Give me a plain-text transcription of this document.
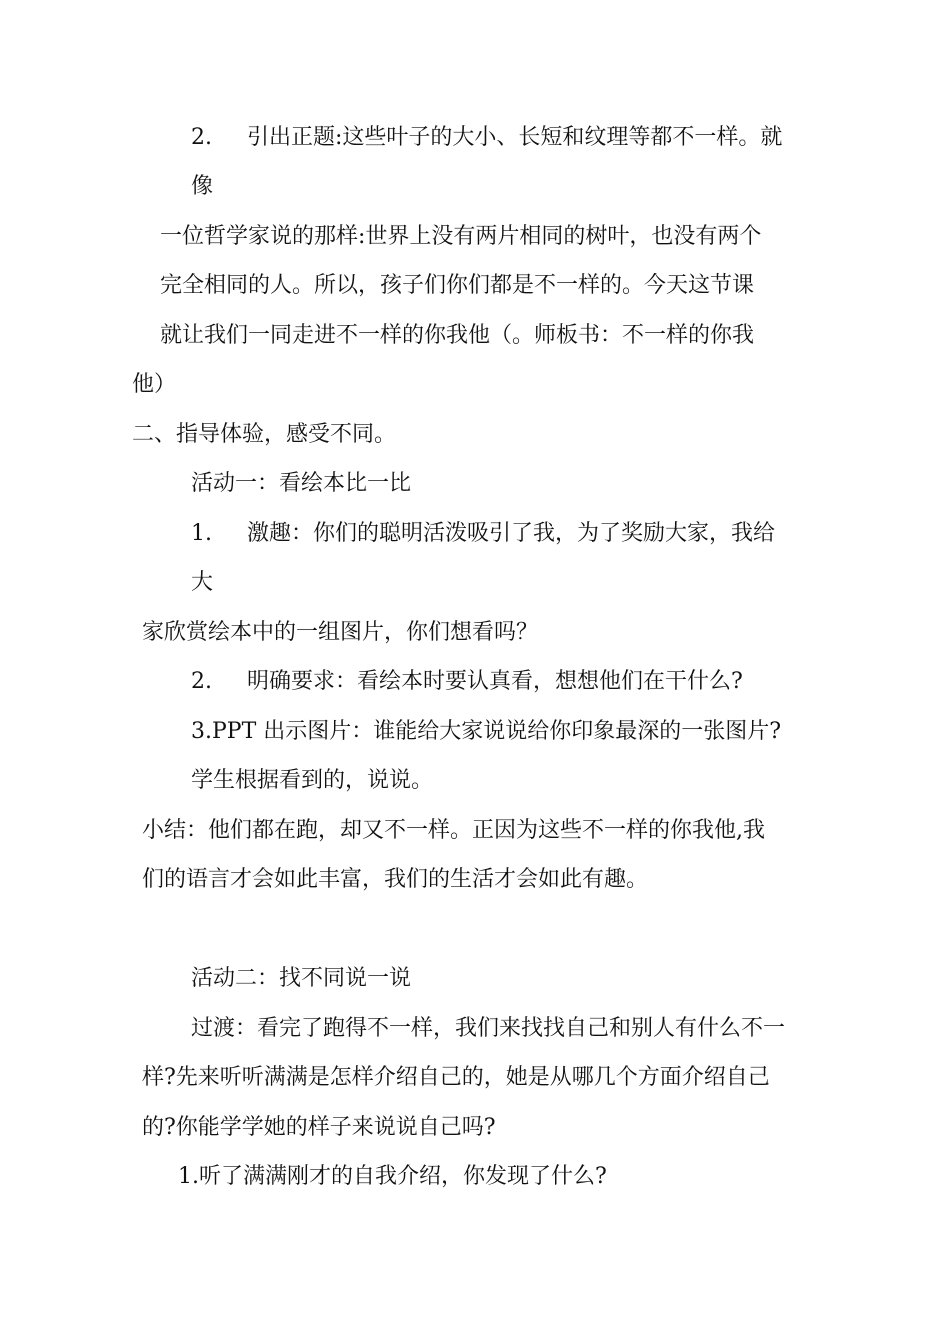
2. 引出正题:这些叶子的大小、长短和纹理等都不一样。就
像
一位哲学家说的那样:世界上没有两片相同的树叶，也没有两个
完全相同的人。所以，孩子们你们都是不一样的。今天这节课
就让我们一同走进不一样的你我他（。师板书：不一样的你我
他）
二、指导体验，感受不同。
活动一：看绘本比一比
1. 激趣：你们的聪明活泼吸引了我，为了奖励大家，我给
大
家欣赏绘本中的一组图片，你们想看吗？
2. 明确要求：看绘本时要认真看，想想他们在干什么?
3.PPT 出示图片：谁能给大家说说给你印象最深的一张图片?
学生根据看到的，说说。
小结：他们都在跑，却又不一样。正因为这些不一样的你我他,我
们的语言才会如此丰富，我们的生活才会如此有趣。
活动二：找不同说一说
过渡：看完了跑得不一样，我们来找找自己和别人有什么不一
样?先来听听满满是怎样介绍自己的，她是从哪几个方面介绍自己
的?你能学学她的样子来说说自己吗?
1.听了满满刚才的自我介绍，你发现了什么?
